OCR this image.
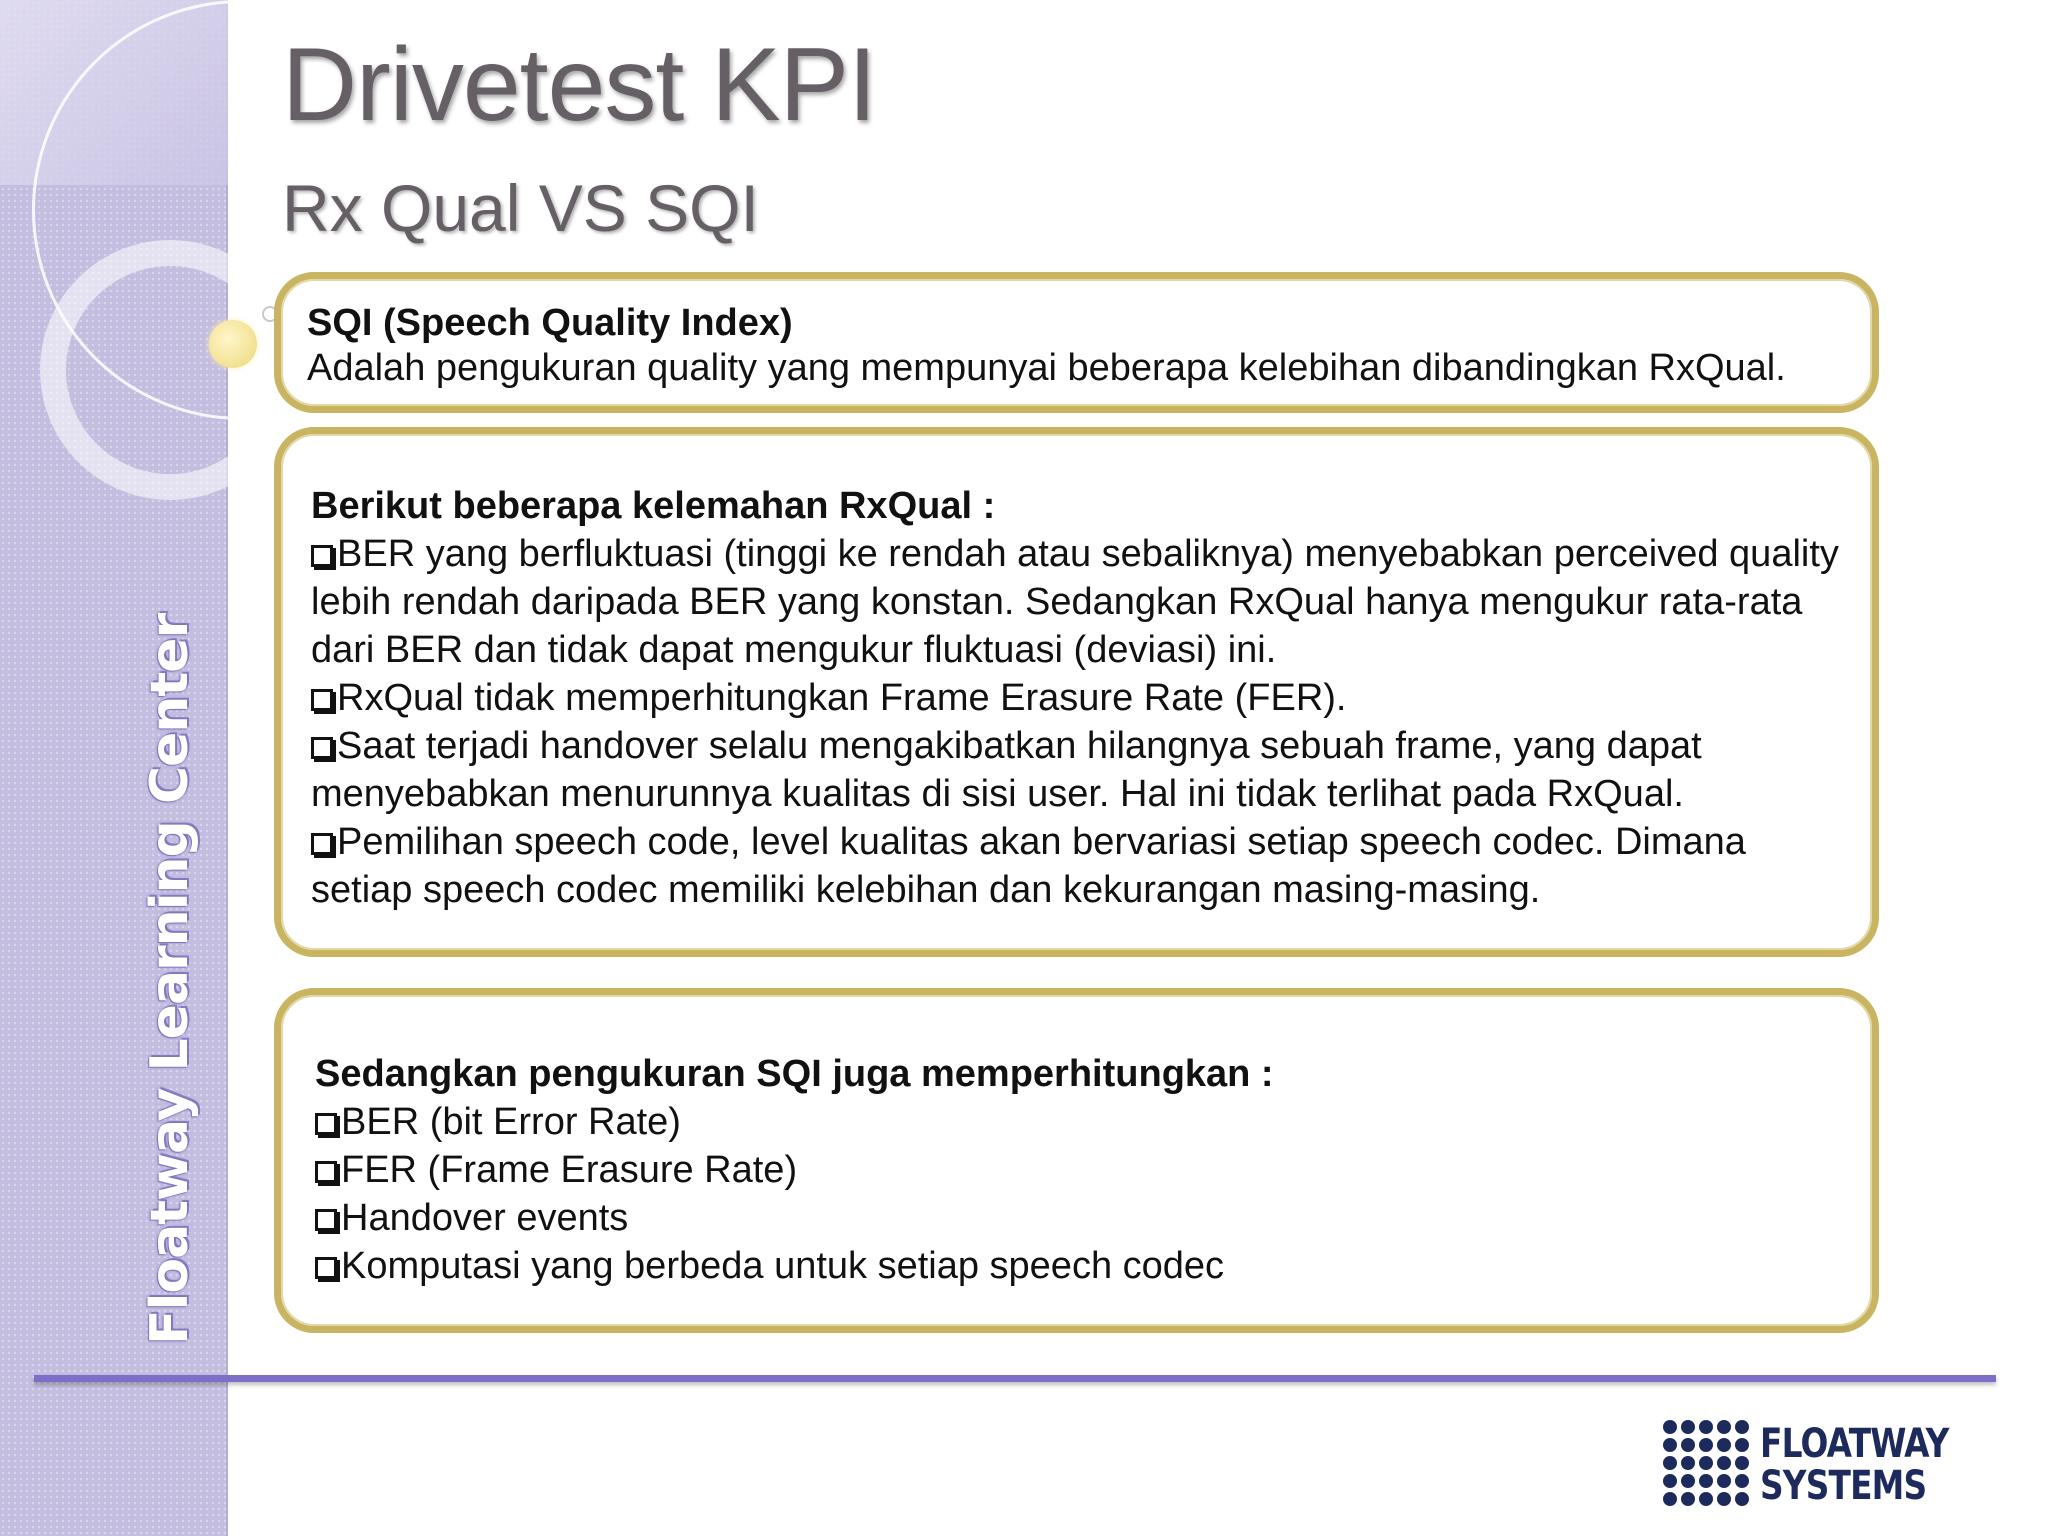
Floatway Learning Center
Drivetest KPI
Rx Qual VS SQI
SQI (Speech Quality Index)
Adalah pengukuran quality yang mempunyai beberapa kelebihan dibandingkan RxQual.
Berikut beberapa kelemahan RxQual :
BER yang berfluktuasi (tinggi ke rendah atau sebaliknya) menyebabkan perceived quality lebih rendah daripada BER yang konstan. Sedangkan RxQual hanya mengukur rata-rata dari BER dan tidak dapat mengukur fluktuasi (deviasi) ini.
RxQual tidak memperhitungkan Frame Erasure Rate (FER).
Saat terjadi handover selalu mengakibatkan hilangnya sebuah frame, yang dapat menyebabkan menurunnya kualitas di sisi user. Hal ini tidak terlihat pada RxQual.
Pemilihan speech code, level kualitas akan bervariasi setiap speech codec. Dimana setiap speech codec memiliki kelebihan dan kekurangan masing-masing.
Sedangkan pengukuran SQI juga memperhitungkan :
BER (bit Error Rate)
FER (Frame Erasure Rate)
Handover events
Komputasi yang berbeda untuk setiap speech codec
FLOATWAY
SYSTEMS
